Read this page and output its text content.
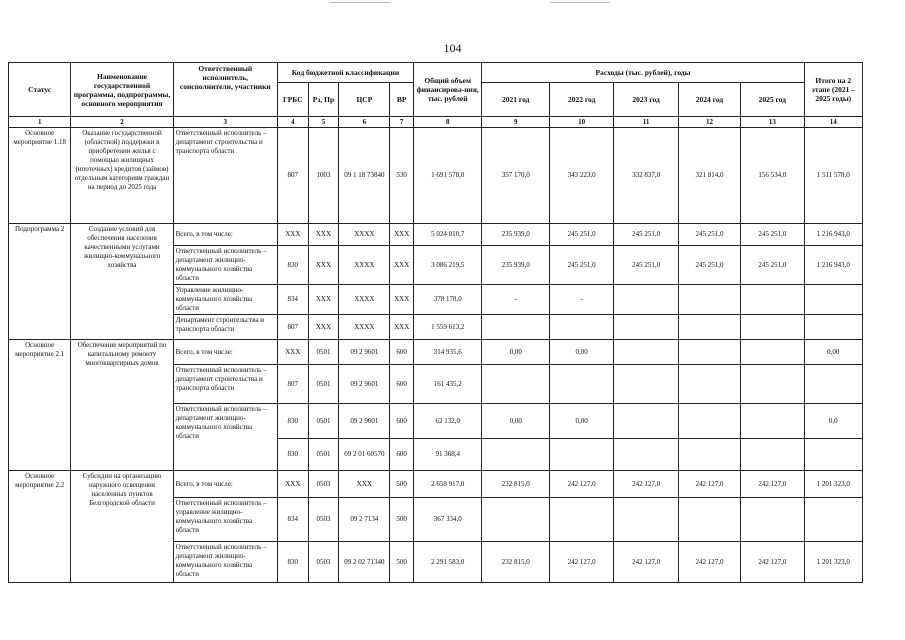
104
Статус	Наименование государственной программы, подпрограммы, основного мероприятия	Ответственный исполнитель, соисполнители, участники	Код бюджетной классификации				Общий объем финансирова-ния, тыс. рублей	Расходы (тыс. рублей), годы					Итого на 2 этапе (2021 – 2025 годы)
			ГРБС	Рз, Пр	ЦСР	ВР		2021 год	2022 год	2023 год	2024 год	2025 год	
1	2	3	4	5	6	7	8	9	10	11	12	13	14
Основное мероприятие 1.18	Оказание государственной (областной) поддержки в приобретении жилья с помощью жилищных (ипотечных) кредитов (займов) отдельным категориям граждан на период до 2025 года	Ответственный исполнитель – департамент строительства и транспорта области	807	1003	09 1 18 73840	530	1 691 578,0	357 170,0	343 223,0	332 837,0	321 814,0	156 534,0	1 511 578,0
Подпрограмма 2	Создание условий для обеспечения населения качественными услугами жилищно-коммунального хозяйства	Всего, в том числе:	ХХХ	ХХХ	ХХХХ	ХХХ	5 024 010,7	235 939,0	245 251,0	245 251,0	245 251,0	245 251,0	1 216 943,0
		Ответственный исполнитель – департамент жилищно-коммунального хозяйства области	830	ХХХ	ХХХХ	ХХХ	3 086 219,5	235 939,0	245 251,0	245 251,0	245 251,0	245 251,0	1 216 943,0
		Управление жилищно-коммунального хозяйства области	834	ХХХ	ХХХХ	ХХХ	378 178,0	-	-				
		Департамент строительства и транспорта области	807	ХХХ	ХХХХ	ХХХ	1 559 613,2						
Основное мероприятие 2.1	Обеспечение мероприятий по капитальному ремонту многоквартирных домов	Всего, в том числе:	ХХХ	0501	09 2 9601	600	314 935,6	0,00	0,00				0,00
		Ответственный исполнитель – департамент строительства и транспорта области	807	0501	09 2 9601	600	161 435,2						
		Ответственный исполнитель – департамент жилищно-коммунального хозяйства области	830	0501	09 2 9601	600	62 132,0	0,00	0,00				0,0
			830	0501	09 2 01 60570	600	91 368,4						
Основное мероприятие 2.2	Субсидии на организацию наружного освещения населенных пунктов Белгородской области	Всего, в том числе:	ХХХ	0503	ХХХ	500	2 658 917,0	232 815,0	242 127,0	242 127,0	242 127,0	242 127,0	1 201 323,0
		Ответственный исполнитель – управление жилищно-коммунального хозяйства области	834	0503	09 2 7134	500	367 334,0						
		Ответственный исполнитель – департамент жилищно-коммунального хозяйства области	830	0503	09 2 02 71340	500	2 291 583,0	232 815,0	242 127,0	242 127,0	242 127,0	242 127,0	1 201 323,0
